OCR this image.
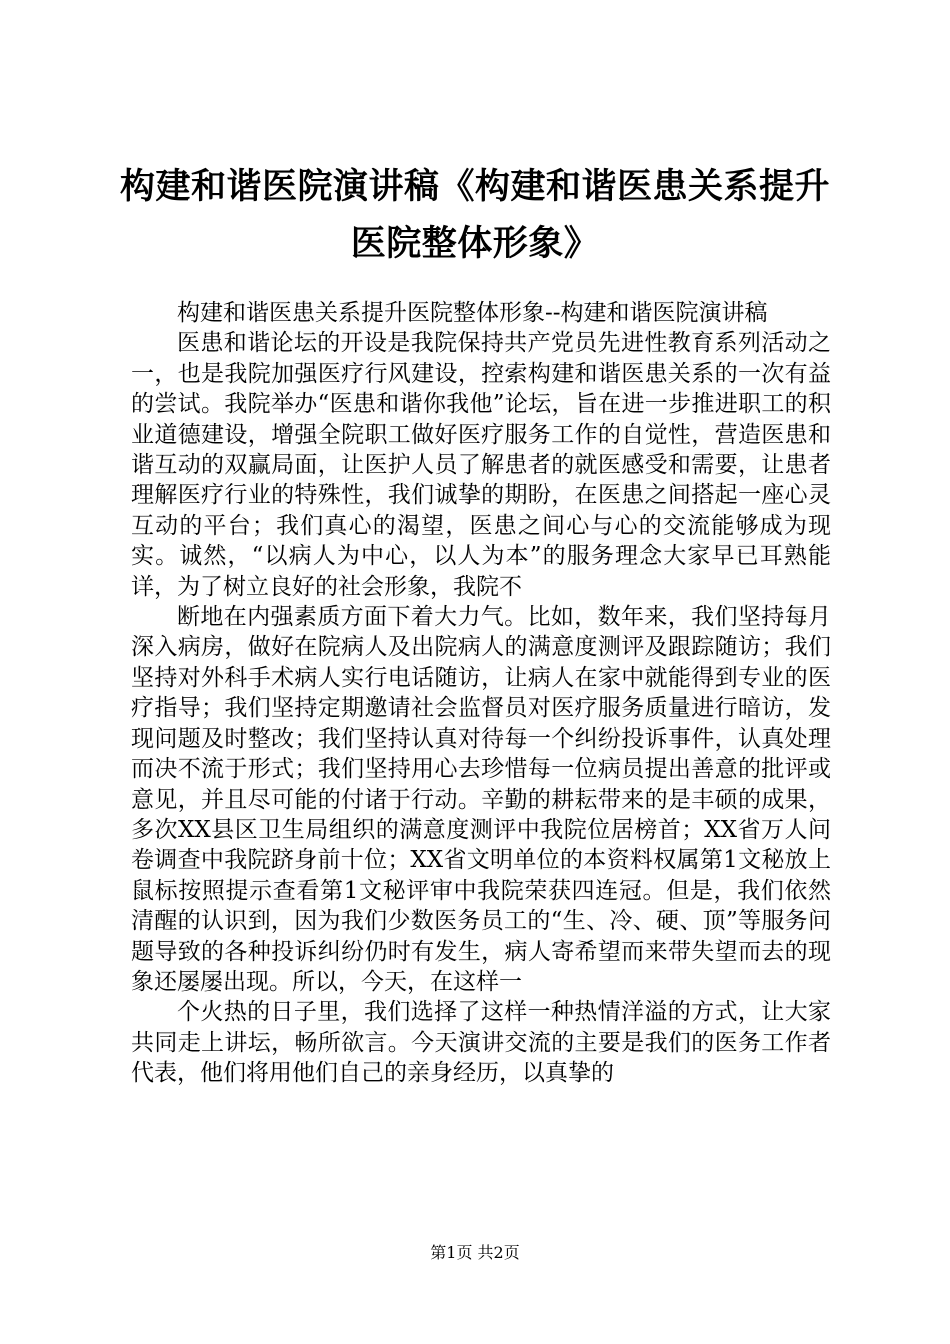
构建和谐医院演讲稿《构建和谐医患关系提升
医院整体形象》

构建和谐医患关系提升医院整体形象--构建和谐医院演讲稿

医患和谐论坛的开设是我院保持共产党员先进性教育系列活动之一，也是我院加强医疗行风建设，控索构建和谐医患关系的一次有益的尝试。我院举办“医患和谐你我他”论坛，旨在进一步推进职工的积业道德建设，增强全院职工做好医疗服务工作的自觉性，营造医患和谐互动的双赢局面，让医护人员了解患者的就医感受和需要，让患者理解医疗行业的特殊性，我们诚挚的期盼，在医患之间搭起一座心灵互动的平台；我们真心的渴望，医患之间心与心的交流能够成为现实。诚然，“以病人为中心，以人为本”的服务理念大家早已耳熟能详，为了树立良好的社会形象，我院不

断地在内强素质方面下着大力气。比如，数年来，我们坚持每月深入病房，做好在院病人及出院病人的满意度测评及跟踪随访；我们坚持对外科手术病人实行电话随访，让病人在家中就能得到专业的医疗指导；我们坚持定期邀请社会监督员对医疗服务质量进行暗访，发现问题及时整改；我们坚持认真对待每一个纠纷投诉事件，认真处理而决不流于形式；我们坚持用心去珍惜每一位病员提出善意的批评或意见，并且尽可能的付诸于行动。辛勤的耕耘带来的是丰硕的成果，多次XX县区卫生局组织的满意度测评中我院位居榜首；XX省万人问卷调查中我院跻身前十位；XX省文明单位的本资料权属第1文秘放上鼠标按照提示查看第1文秘评审中我院荣获四连冠。但是，我们依然清醒的认识到，因为我们少数医务员工的“生、冷、硬、顶”等服务问题导致的各种投诉纠纷仍时有发生，病人寄希望而来带失望而去的现象还屡屡出现。所以，今天，在这样一

个火热的日子里，我们选择了这样一种热情洋溢的方式，让大家共同走上讲坛，畅所欲言。今天演讲交流的主要是我们的医务工作者代表，他们将用他们自己的亲身经历，以真挚的

第1页 共2页
